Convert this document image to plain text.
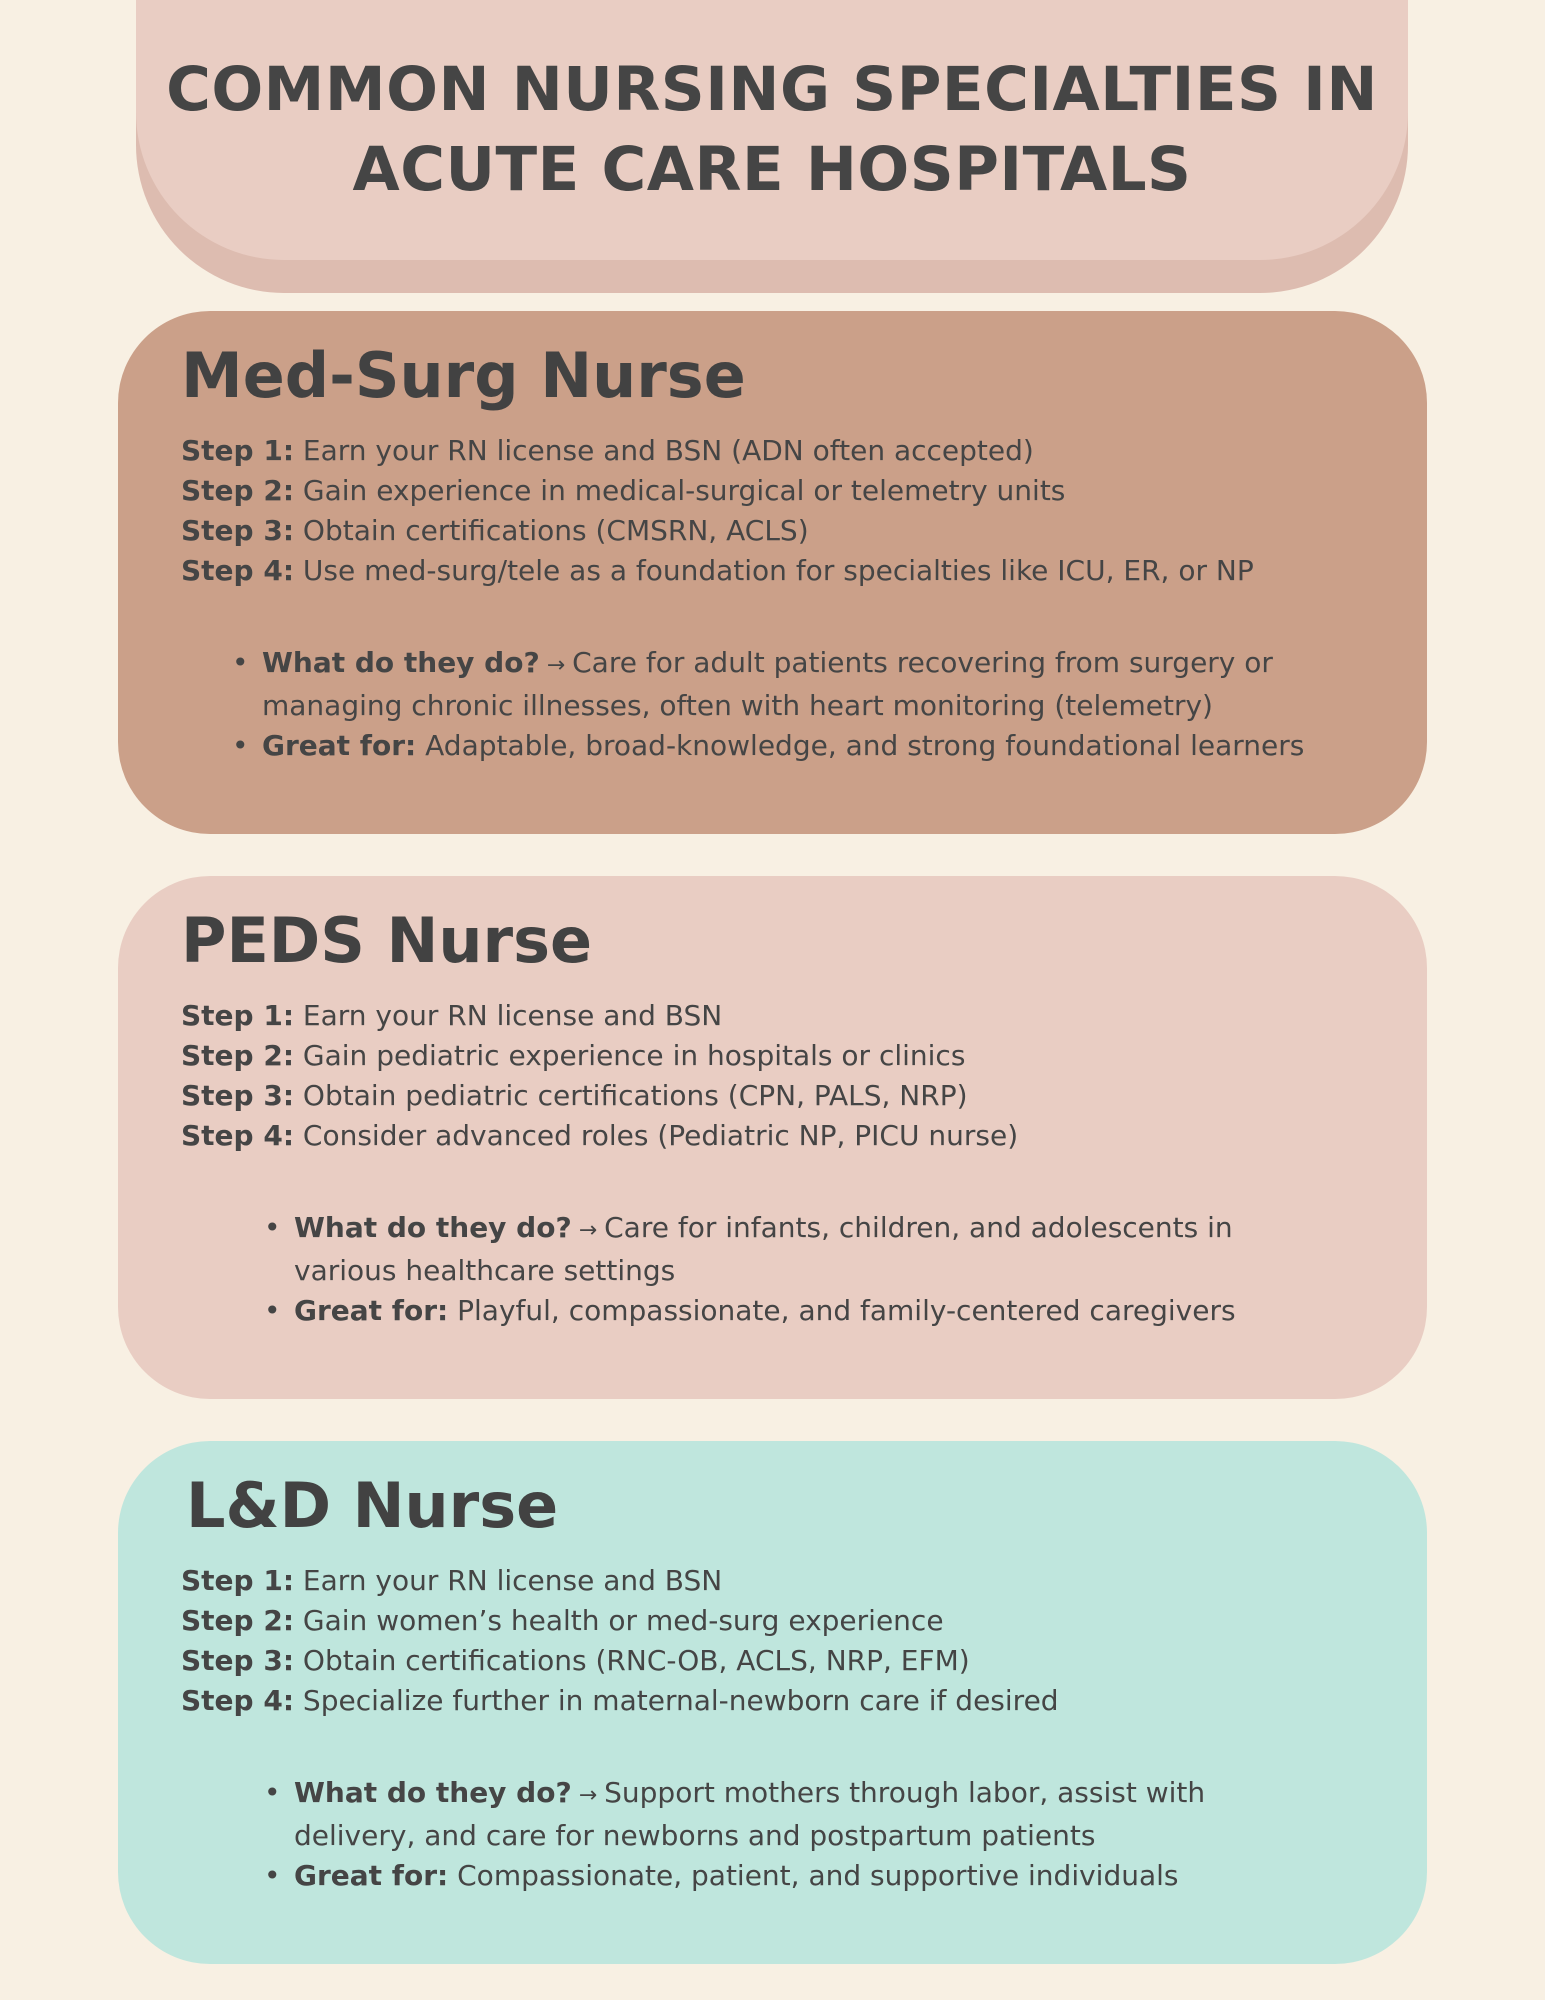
COMMON NURSING SPECIALTIES IN ACUTE CARE HOSPITALS
Med-Surg Nurse
Step 1: Earn your RN license and BSN (ADN often accepted)
Step 2: Gain experience in medical-surgical or telemetry units
Step 3: Obtain certifications (CMSRN, ACLS)
Step 4: Use med-surg/tele as a foundation for specialties like ICU, ER, or NP
• What do they do? → Care for adult patients recovering from surgery or managing chronic illnesses, often with heart monitoring (telemetry)
• Great for: Adaptable, broad-knowledge, and strong foundational learners
PEDS Nurse
Step 1: Earn your RN license and BSN
Step 2: Gain pediatric experience in hospitals or clinics
Step 3: Obtain pediatric certifications (CPN, PALS, NRP)
Step 4: Consider advanced roles (Pediatric NP, PICU nurse)
• What do they do? → Care for infants, children, and adolescents in various healthcare settings
• Great for: Playful, compassionate, and family-centered caregivers
L&D Nurse
Step 1: Earn your RN license and BSN
Step 2: Gain women’s health or med-surg experience
Step 3: Obtain certifications (RNC-OB, ACLS, NRP, EFM)
Step 4: Specialize further in maternal-newborn care if desired
• What do they do? → Support mothers through labor, assist with delivery, and care for newborns and postpartum patients
• Great for: Compassionate, patient, and supportive individuals
